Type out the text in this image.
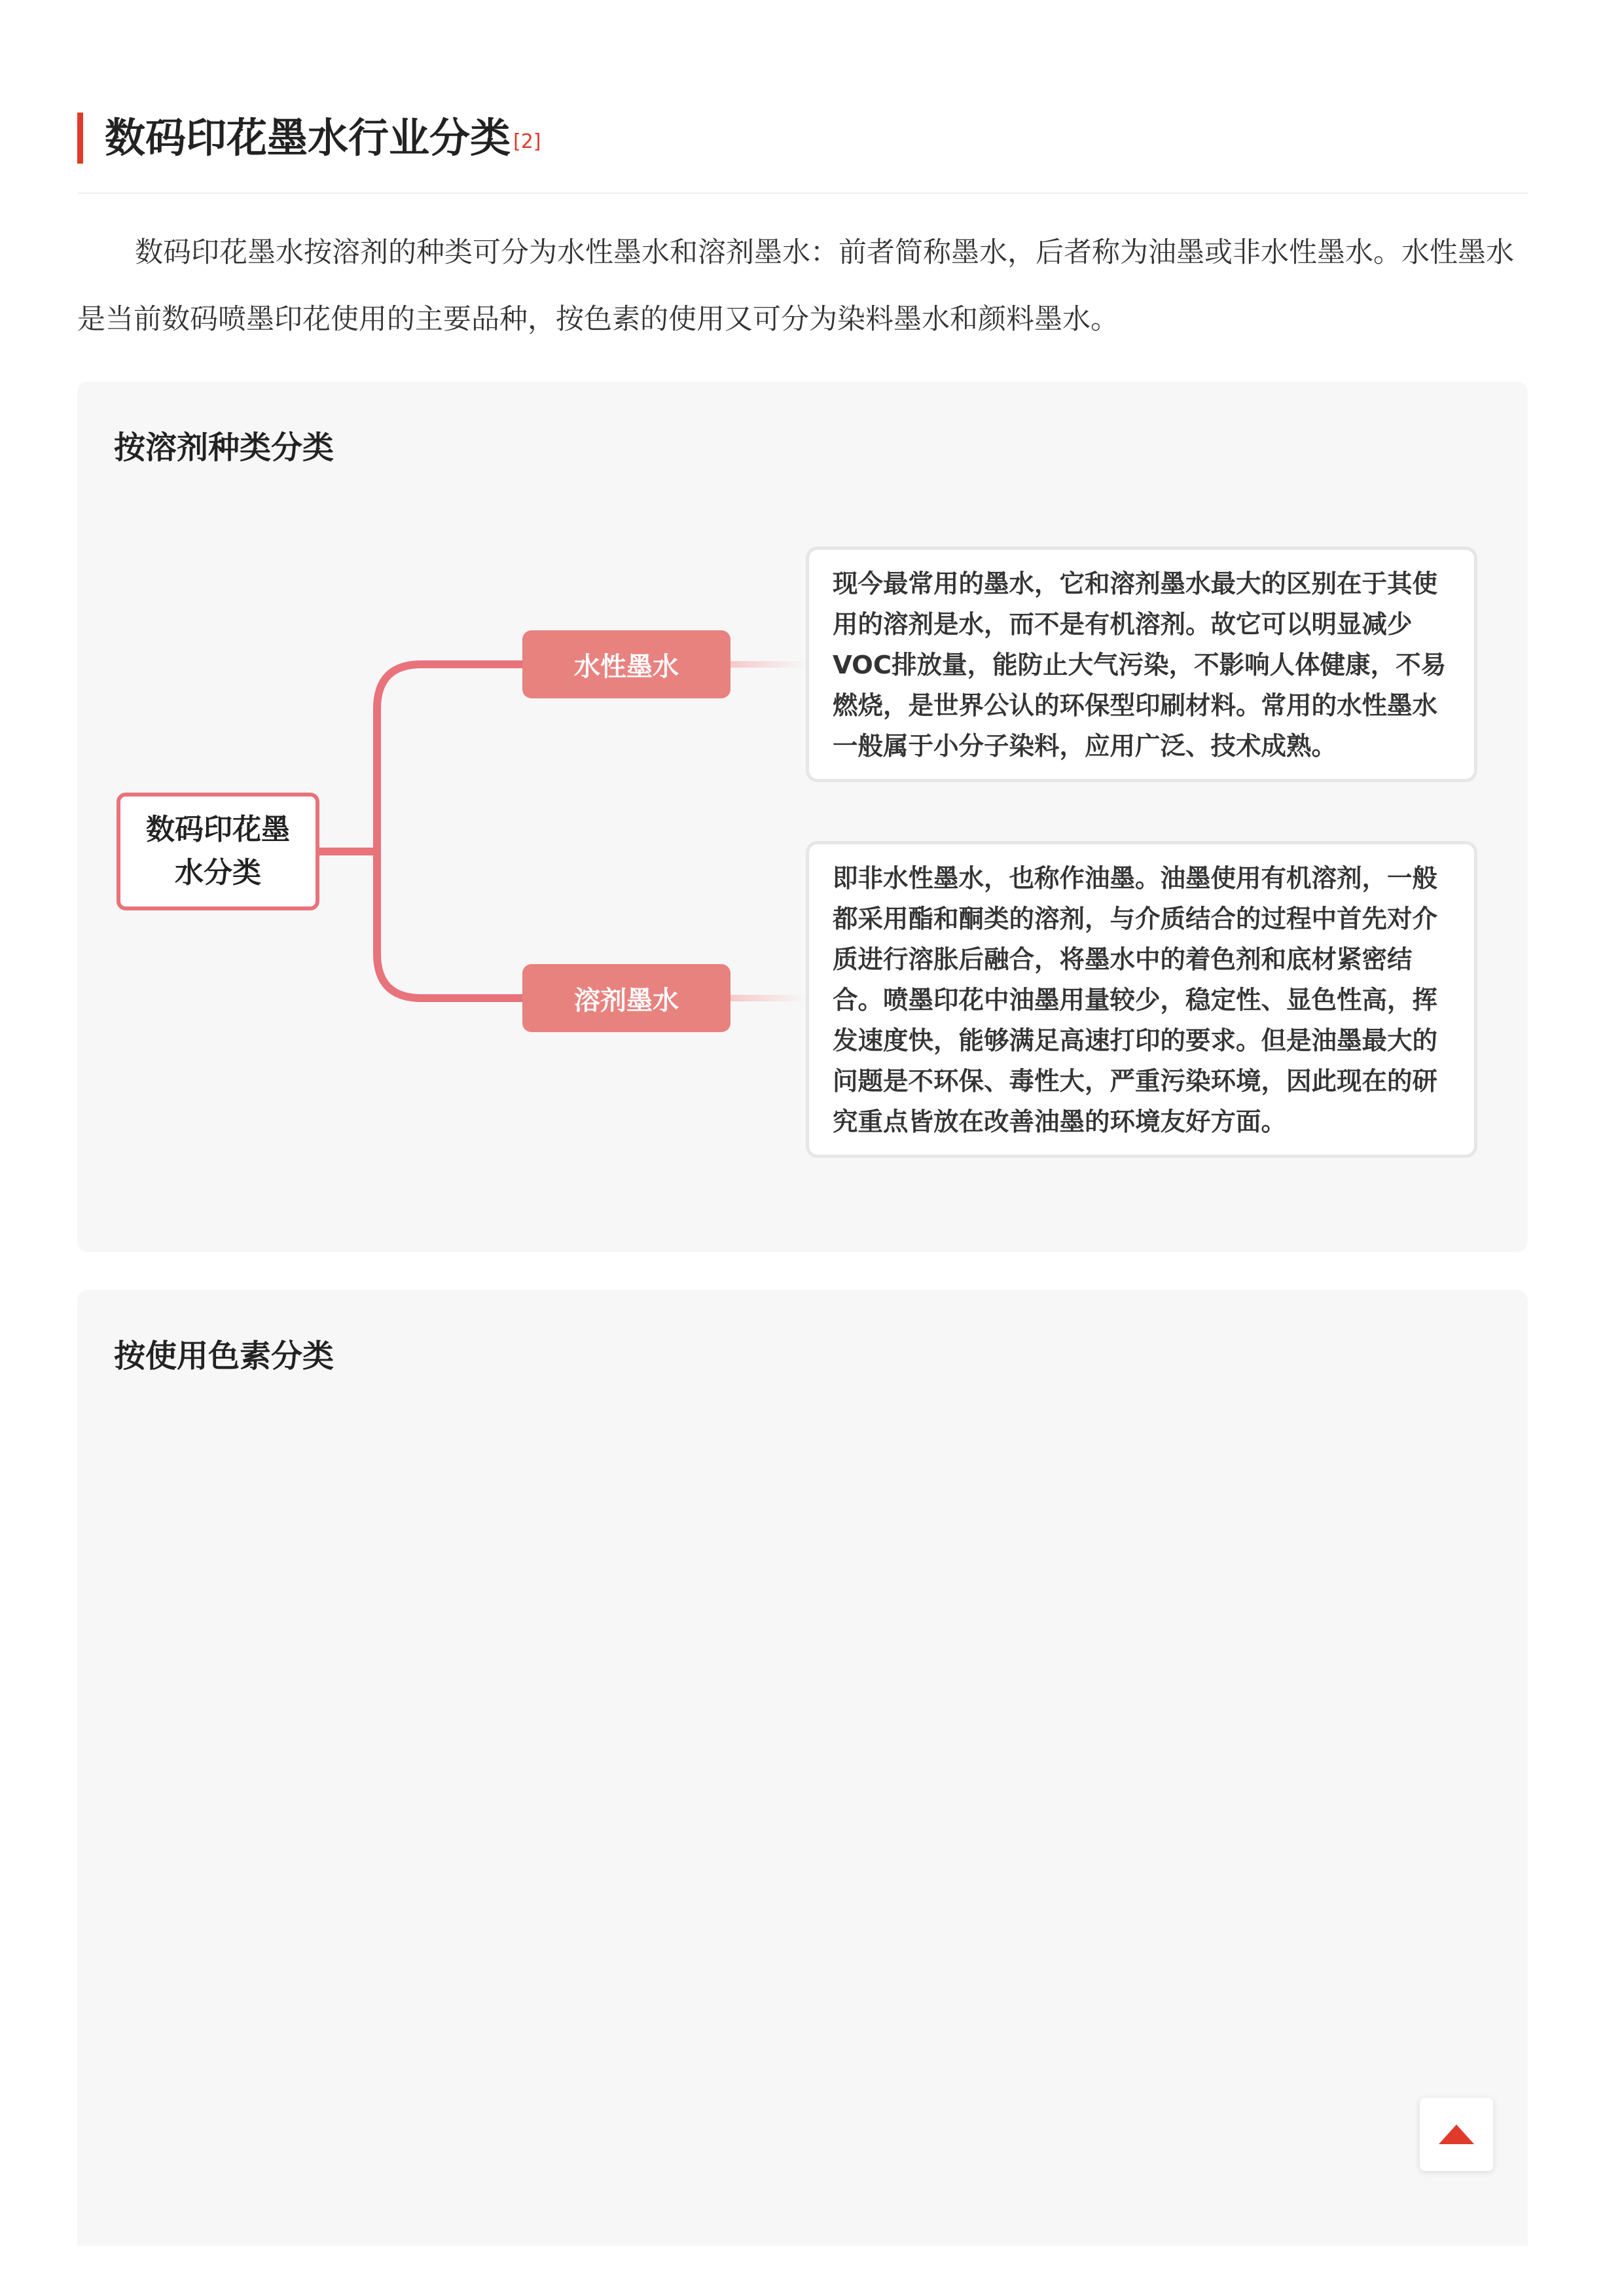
数码印花墨水行业分类 [2]

数码印花墨水按溶剂的种类可分为水性墨水和溶剂墨水：前者简称墨水，后者称为油墨或非水性墨水。水性墨水是当前数码喷墨印花使用的主要品种，按色素的使用又可分为染料墨水和颜料墨水。

按溶剂种类分类
数码印花墨水分类
水性墨水
溶剂墨水
现今最常用的墨水，它和溶剂墨水最大的区别在于其使用的溶剂是水，而不是有机溶剂。故它可以明显减少VOC排放量，能防止大气污染，不影响人体健康，不易燃烧，是世界公认的环保型印刷材料。常用的水性墨水一般属于小分子染料，应用广泛、技术成熟。
即非水性墨水，也称作油墨。油墨使用有机溶剂，一般都采用酯和酮类的溶剂，与介质结合的过程中首先对介质进行溶胀后融合，将墨水中的着色剂和底材紧密结合。喷墨印花中油墨用量较少，稳定性、显色性高，挥发速度快，能够满足高速打印的要求。但是油墨最大的问题是不环保、毒性大，严重污染环境，因此现在的研究重点皆放在改善油墨的环境友好方面。
按使用色素分类
